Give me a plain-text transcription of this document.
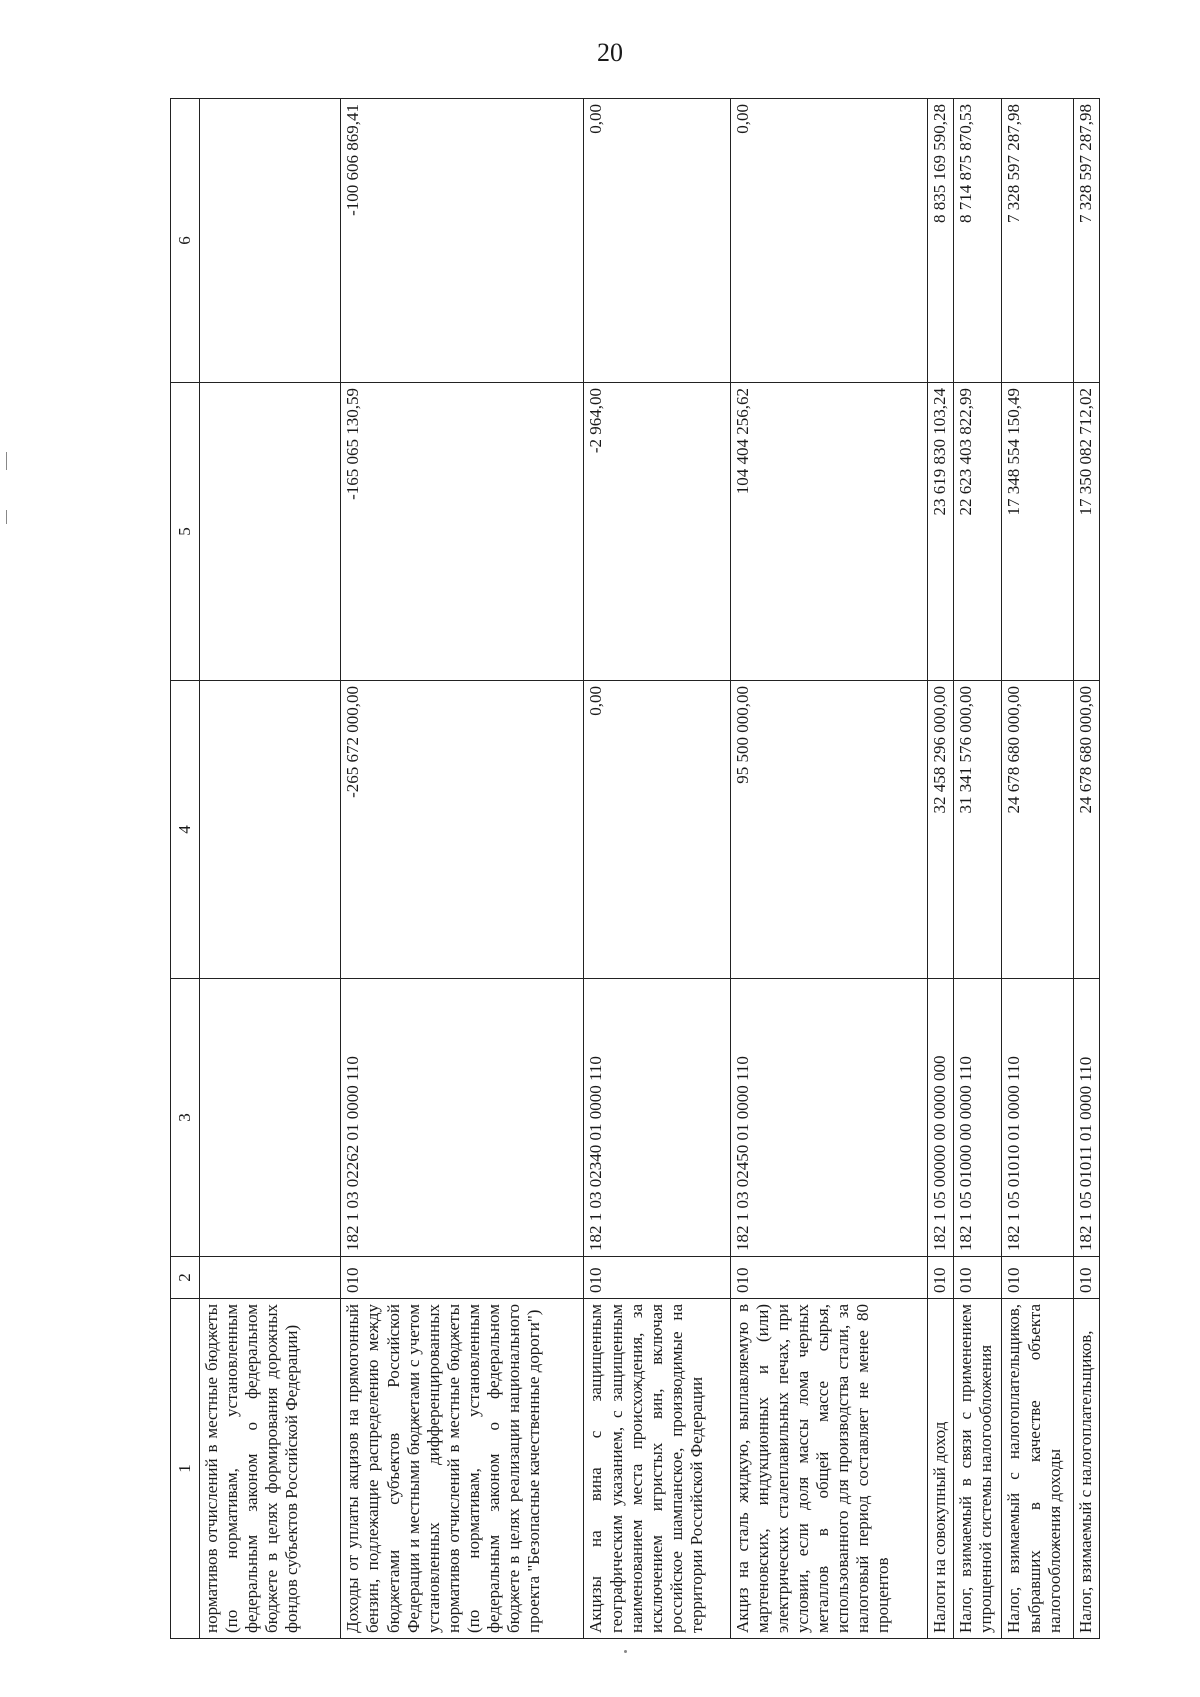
20
1	2	3	4	5	6
нормативов отчислений в местные бюджеты (по нормативам, установленным федеральным законом о федеральном бюджете в целях формирования дорожных фондов субъектов Российской Федерации)					
Доходы от уплаты акцизов на прямогонный бензин, подлежащие распределению между бюджетами субъектов Российской Федерации и местными бюджетами с учетом установленных дифференцированных нормативов отчислений в местные бюджеты (по нормативам, установленным федеральным законом о федеральном бюджете в целях реализации национального проекта "Безопасные качественные дороги")	010	182 1 03 02262 01 0000 110	-265 672 000,00	-165 065 130,59	-100 606 869,41
Акцизы на вина с защищенным географическим указанием, с защищенным наименованием места происхождения, за исключением игристых вин, включая российское шампанское, производимые на территории Российской Федерации	010	182 1 03 02340 01 0000 110	0,00	-2 964,00	0,00
Акциз на сталь жидкую, выплавляемую в мартеновских, индукционных и (или) электрических сталеплавильных печах, при условии, если доля массы лома черных металлов в общей массе сырья, использованного для производства стали, за налоговый период составляет не менее 80 процентов	010	182 1 03 02450 01 0000 110	95 500 000,00	104 404 256,62	0,00
Налоги на совокупный доход	010	182 1 05 00000 00 0000 000	32 458 296 000,00	23 619 830 103,24	8 835 169 590,28
Налог, взимаемый в связи с применением упрощенной системы налогообложения	010	182 1 05 01000 00 0000 110	31 341 576 000,00	22 623 403 822,99	8 714 875 870,53
Налог, взимаемый с налогоплательщиков, выбравших в качестве объекта налогообложения доходы	010	182 1 05 01010 01 0000 110	24 678 680 000,00	17 348 554 150,49	7 328 597 287,98
Налог, взимаемый с налогоплательщиков,	010	182 1 05 01011 01 0000 110	24 678 680 000,00	17 350 082 712,02	7 328 597 287,98
